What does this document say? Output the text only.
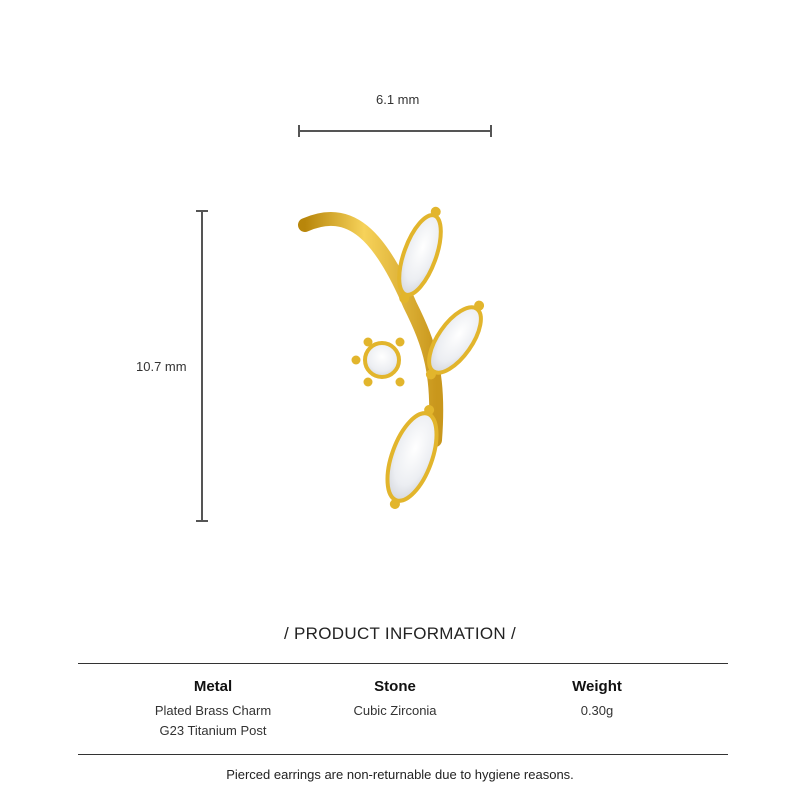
6.1 mm
10.7 mm
/ PRODUCT INFORMATION /
Metal
Plated Brass Charm
G23 Titanium Post
Stone
Cubic Zirconia
Weight
0.30g
Pierced earrings are non-returnable due to hygiene reasons.
